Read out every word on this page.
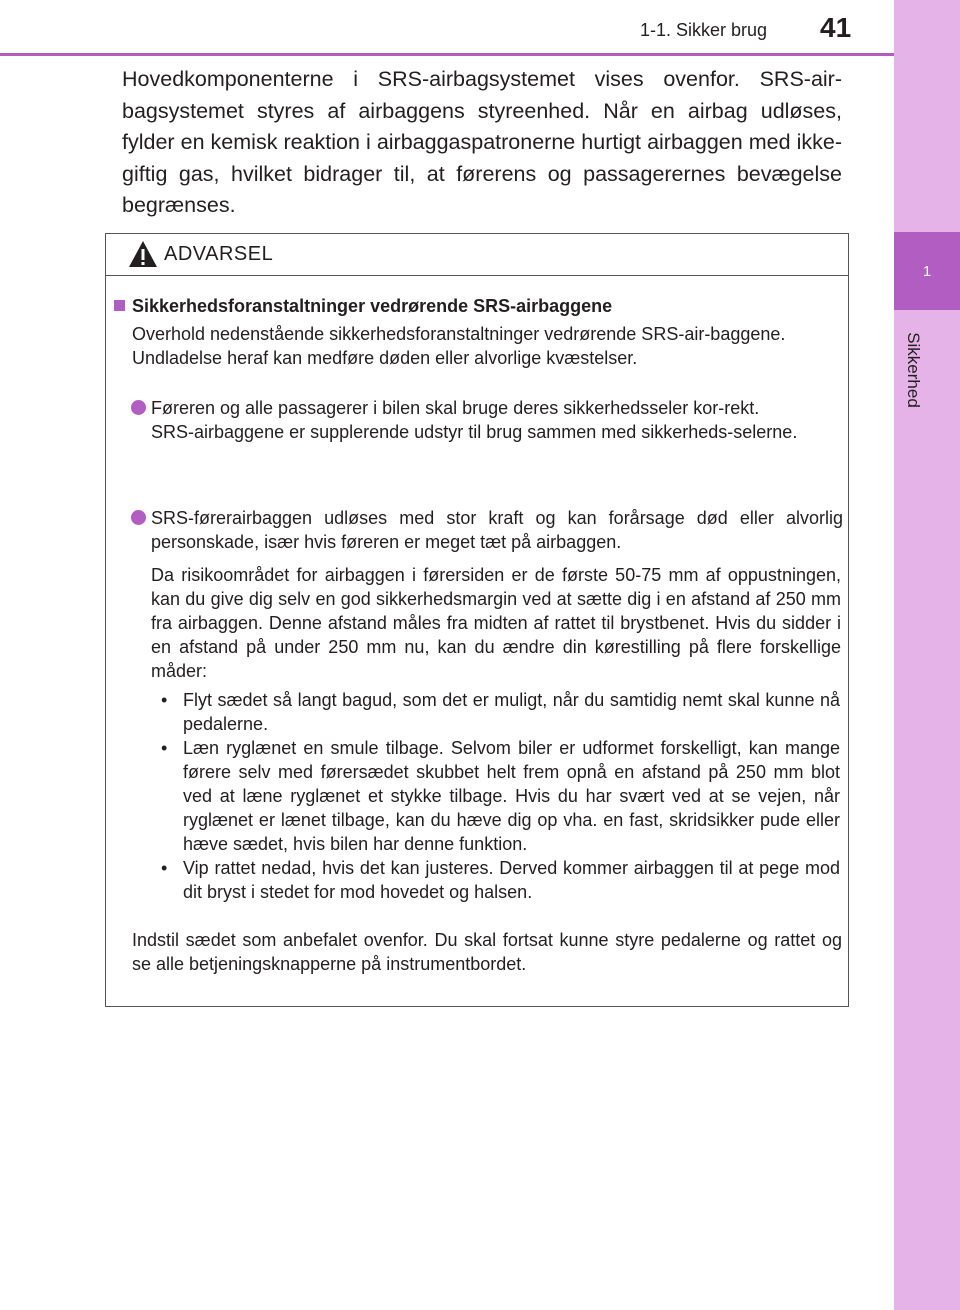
1
Sikkerhed
1-1. Sikker brug	41

Hovedkomponenterne i SRS-airbagsystemet vises ovenfor. SRS-air-bagsystemet styres af airbaggens styreenhed. Når en airbag udløses, fylder en kemisk reaktion i airbaggaspatronerne hurtigt airbaggen med ikke-giftig gas, hvilket bidrager til, at førerens og passagerernes bevægelse begrænses.

ADVARSEL
Sikkerhedsforanstaltninger vedrørende SRS-airbaggene

Overhold nedenstående sikkerhedsforanstaltninger vedrørende SRS-air-baggene.

Undladelse heraf kan medføre døden eller alvorlige kvæstelser.

Føreren og alle passagerer i bilen skal bruge deres sikkerhedsseler kor-rekt.

SRS-airbaggene er supplerende udstyr til brug sammen med sikkerheds-selerne.

SRS-førerairbaggen udløses med stor kraft og kan forårsage død eller alvorlig personskade, især hvis føreren er meget tæt på airbaggen.

Da risikoområdet for airbaggen i førersiden er de første 50-75 mm af oppustningen, kan du give dig selv en god sikkerhedsmargin ved at sætte dig i en afstand af 250 mm fra airbaggen. Denne afstand måles fra midten af rattet til brystbenet. Hvis du sidder i en afstand på under 250 mm nu, kan du ændre din kørestilling på flere forskellige måder:

• Flyt sædet så langt bagud, som det er muligt, når du samtidig nemt skal kunne nå pedalerne.
• Læn ryglænet en smule tilbage. Selvom biler er udformet forskelligt, kan mange førere selv med førersædet skubbet helt frem opnå en afstand på 250 mm blot ved at læne ryglænet et stykke tilbage. Hvis du har svært ved at se vejen, når ryglænet er lænet tilbage, kan du hæve dig op vha. en fast, skridsikker pude eller hæve sædet, hvis bilen har denne funktion.
• Vip rattet nedad, hvis det kan justeres. Derved kommer airbaggen til at pege mod dit bryst i stedet for mod hovedet og halsen.

Indstil sædet som anbefalet ovenfor. Du skal fortsat kunne styre pedalerne og rattet og se alle betjeningsknapperne på instrumentbordet.
